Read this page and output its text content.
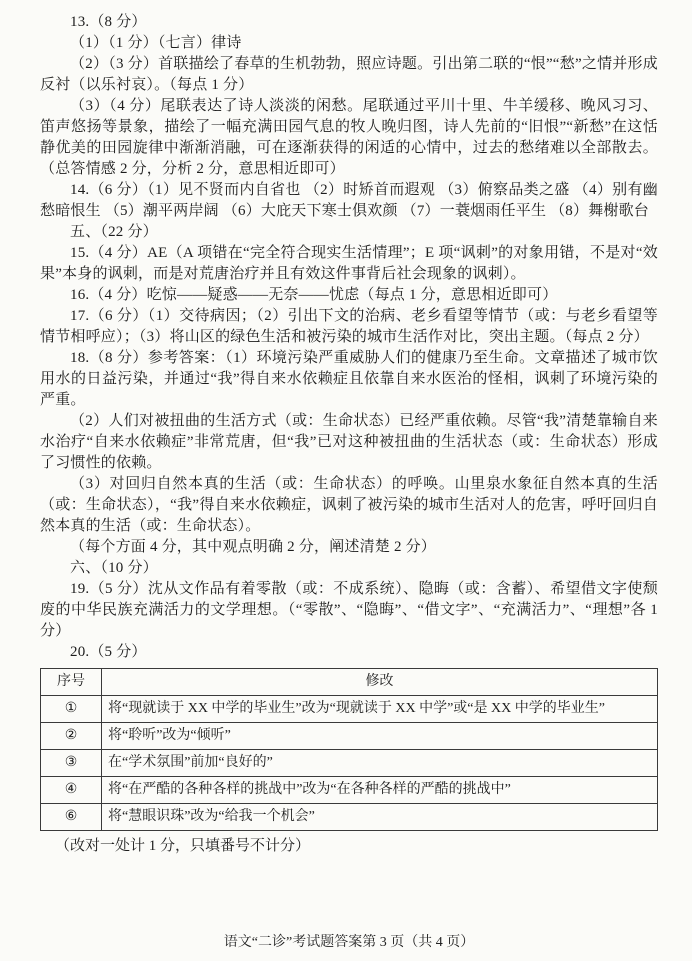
13.（8 分）

（1）（1 分）（七言）律诗

（2）（3 分）首联描绘了春草的生机勃勃，照应诗题。引出第二联的“恨”“愁”之情并形成反衬（以乐衬哀）。（每点 1 分）

（3）（4 分）尾联表达了诗人淡淡的闲愁。尾联通过平川十里、牛羊缓移、晚风习习、笛声悠扬等景象，描绘了一幅充满田园气息的牧人晚归图，诗人先前的“旧恨”“新愁”在这恬静优美的田园旋律中渐渐消融，可在逐渐获得的闲适的心情中，过去的愁绪难以全部散去。（总答情感 2 分，分析 2 分，意思相近即可）

14.（6 分）（1）见不贤而内自省也 （2）时矫首而遐观 （3）俯察品类之盛 （4）别有幽愁暗恨生 （5）潮平两岸阔 （6）大庇天下寒士俱欢颜 （7）一蓑烟雨任平生 （8）舞榭歌台

五、（22 分）

15.（4 分）AE（A 项错在“完全符合现实生活情理”；E 项“讽刺”的对象用错，不是对“效果”本身的讽刺，而是对荒唐治疗并且有效这件事背后社会现象的讽刺）。

16.（4 分）吃惊——疑惑——无奈——忧虑（每点 1 分，意思相近即可）

17.（6 分）（1）交待病因；（2）引出下文的治病、老乡看望等情节（或：与老乡看望等情节相呼应）；（3）将山区的绿色生活和被污染的城市生活作对比，突出主题。（每点 2 分）

18.（8 分）参考答案：（1）环境污染严重威胁人们的健康乃至生命。文章描述了城市饮用水的日益污染，并通过“我”得自来水依赖症且依靠自来水医治的怪相，讽刺了环境污染的严重。

（2）人们对被扭曲的生活方式（或：生命状态）已经严重依赖。尽管“我”清楚靠输自来水治疗“自来水依赖症”非常荒唐，但“我”已对这种被扭曲的生活状态（或：生命状态）形成了习惯性的依赖。

（3）对回归自然本真的生活（或：生命状态）的呼唤。山里泉水象征自然本真的生活（或：生命状态），“我”得自来水依赖症，讽刺了被污染的城市生活对人的危害，呼吁回归自然本真的生活（或：生命状态）。

（每个方面 4 分，其中观点明确 2 分，阐述清楚 2 分）

六、（10 分）

19.（5 分）沈从文作品有着零散（或：不成系统）、隐晦（或：含蓄）、希望借文字使颓废的中华民族充满活力的文学理想。（“零散”、“隐晦”、“借文字”、“充满活力”、“理想”各 1 分）

20.（5 分）

序号	修改
①	将“现就读于 XX 中学的毕业生”改为“现就读于 XX 中学”或“是 XX 中学的毕业生”
②	将“聆听”改为“倾听”
③	在“学术氛围”前加“良好的”
④	将“在严酷的各种各样的挑战中”改为“在各种各样的严酷的挑战中”
⑥	将“慧眼识珠”改为“给我一个机会”

（改对一处计 1 分，只填番号不计分）

语文“二诊”考试题答案第 3 页（共 4 页）
